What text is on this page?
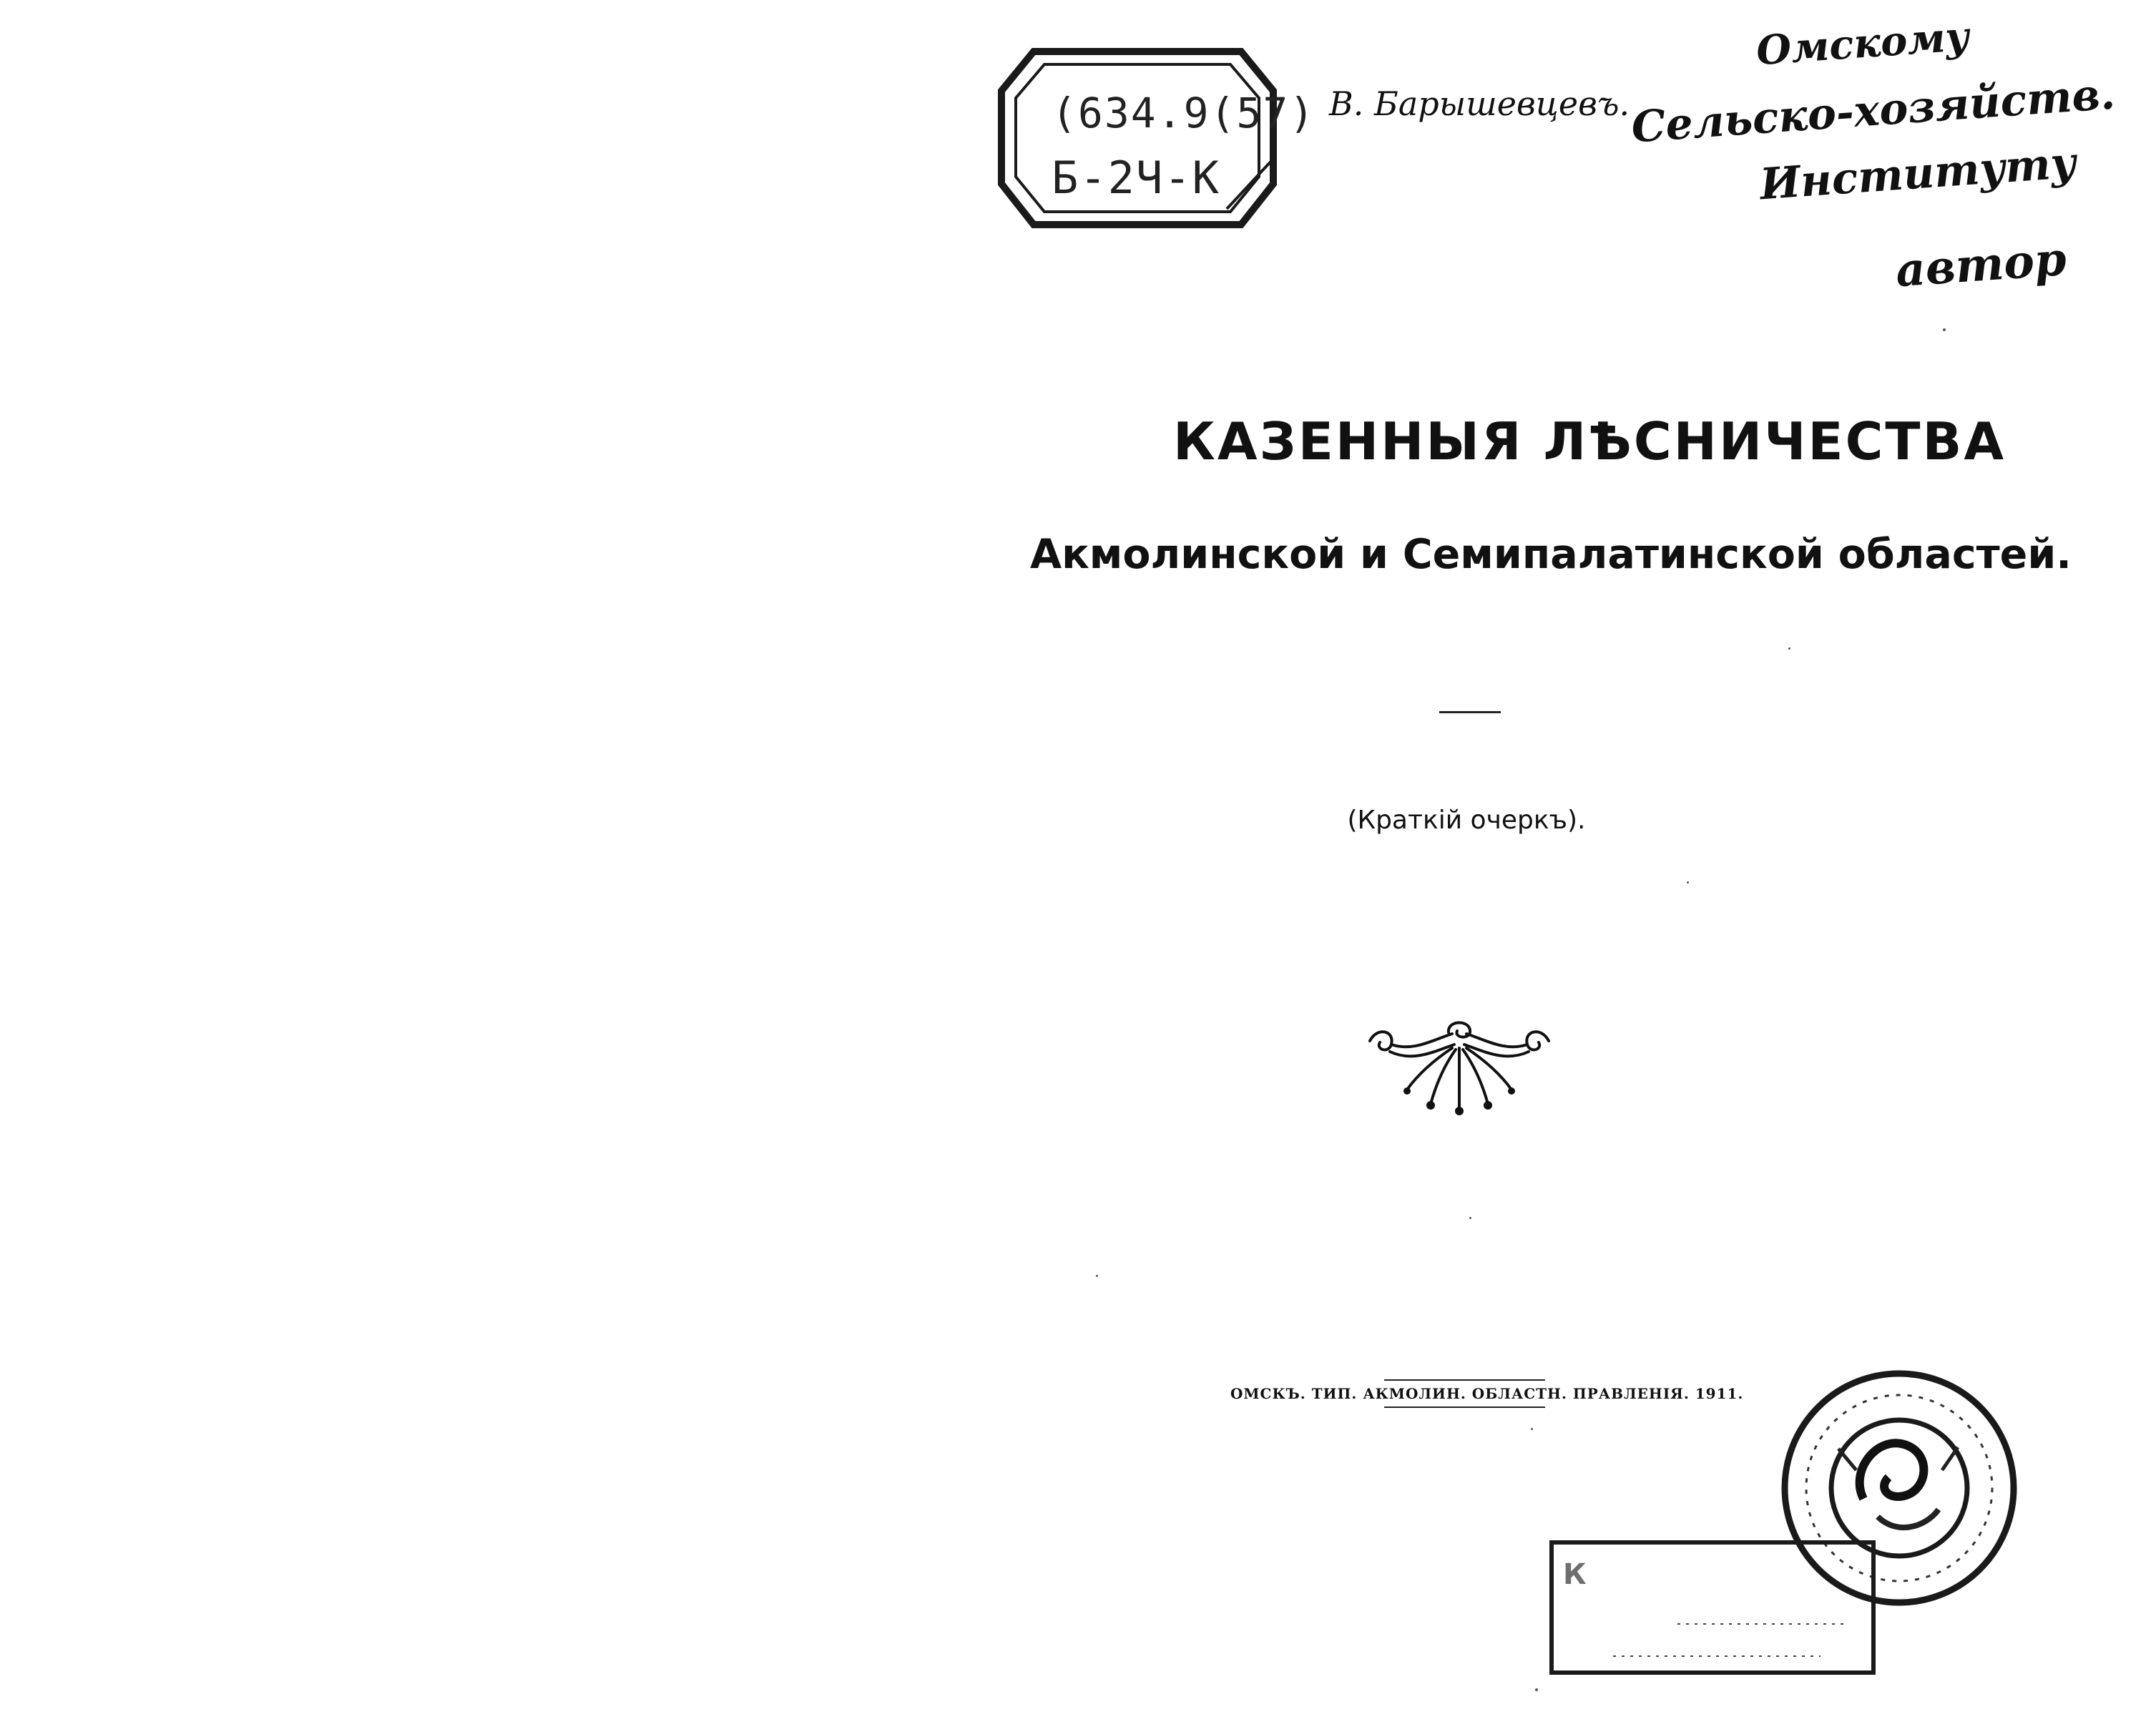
(634.9(57)
Б-2Ч-К
В. Барышевцевъ.
Омскому
Сельско-хозяйств.
Институту
автор
КАЗЕННЫЯ ЛѢСНИЧЕСТВА
Акмолинской и Семипалатинской областей.
(Краткій очеркъ).
ОМСКЪ. ТИП. АКМОЛИН. ОБЛАСТН. ПРАВЛЕНІЯ. 1911.
К
